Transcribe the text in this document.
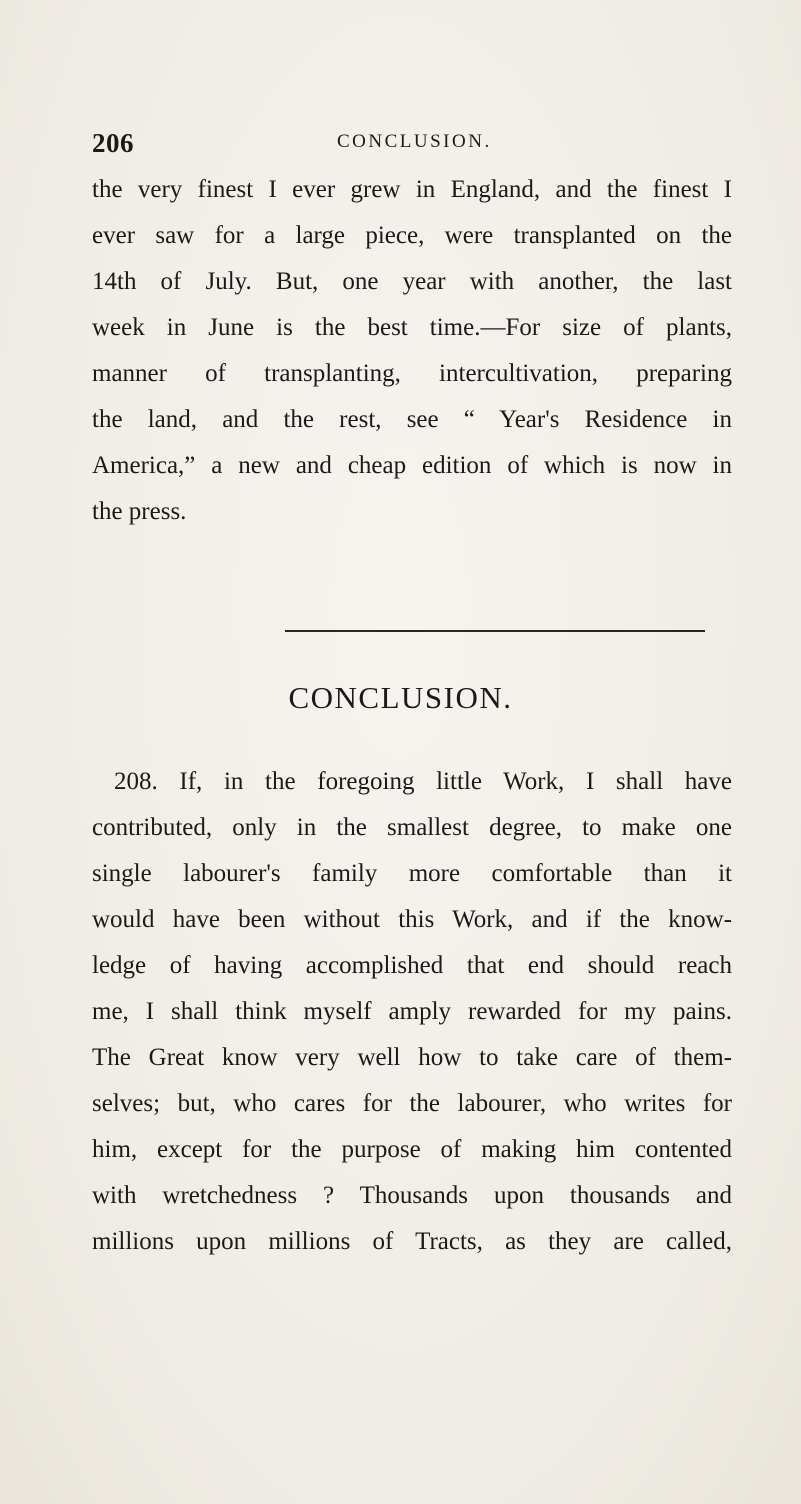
206	CONCLUSION.
the very finest I ever grew in England, and the finest I
ever saw for a large piece, were transplanted on the
14th of July. But, one year with another, the last
week in June is the best time.—For size of plants,
manner of transplanting, intercultivation, preparing
the land, and the rest, see “ Year's Residence in
America,” a new and cheap edition of which is now in
the press.
CONCLUSION.
208. If, in the foregoing little Work, I shall have
contributed, only in the smallest degree, to make one
single labourer's family more comfortable than it
would have been without this Work, and if the know-
ledge of having accomplished that end should reach
me, I shall think myself amply rewarded for my pains.
The Great know very well how to take care of them-
selves; but, who cares for the labourer, who writes for
him, except for the purpose of making him contented
with wretchedness ? Thousands upon thousands and
millions upon millions of Tracts, as they are called,
